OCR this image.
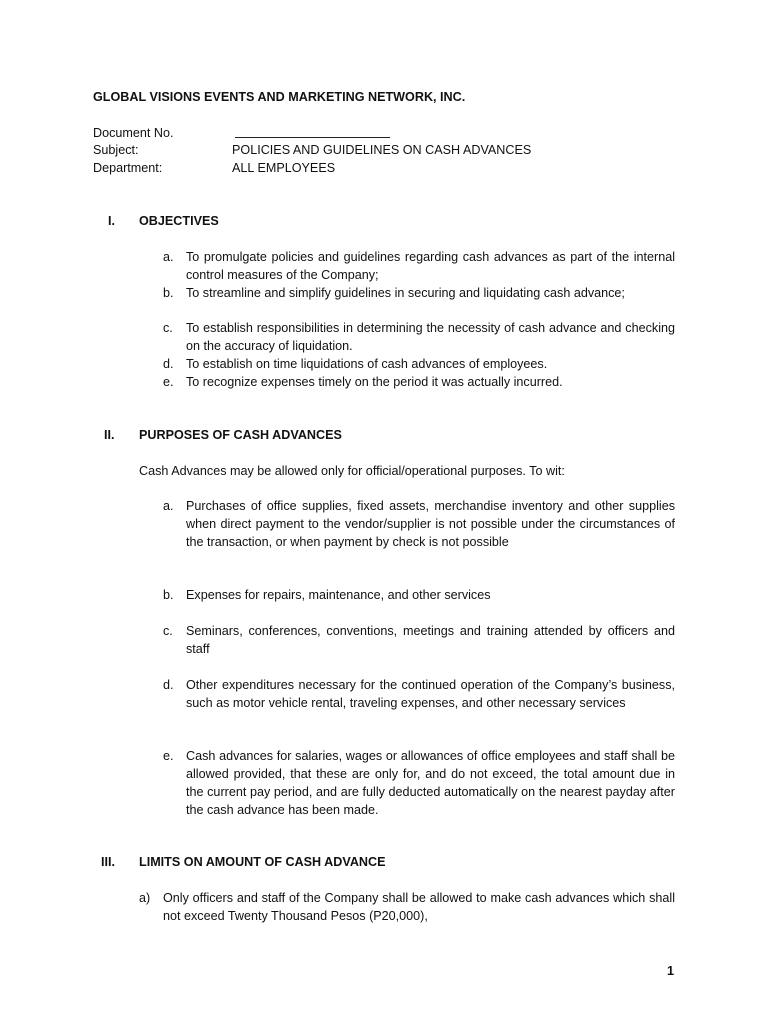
GLOBAL VISIONS EVENTS AND MARKETING NETWORK, INC.
Document No.
Subject:	POLICIES AND GUIDELINES ON CASH ADVANCES
Department:	ALL EMPLOYEES
I. OBJECTIVES
a. To promulgate policies and guidelines regarding cash advances as part of the internal control measures of the Company;
b. To streamline and simplify guidelines in securing and liquidating cash advance;
c. To establish responsibilities in determining the necessity of cash advance and checking on the accuracy of liquidation.
d. To establish on time liquidations of cash advances of employees.
e. To recognize expenses timely on the period it was actually incurred.
II. PURPOSES OF CASH ADVANCES
Cash Advances may be allowed only for official/operational purposes. To wit:
a. Purchases of office supplies, fixed assets, merchandise inventory and other supplies when direct payment to the vendor/supplier is not possible under the circumstances of the transaction, or when payment by check is not possible
b. Expenses for repairs, maintenance, and other services
c. Seminars, conferences, conventions, meetings and training attended by officers and staff
d. Other expenditures necessary for the continued operation of the Company’s business, such as motor vehicle rental, traveling expenses, and other necessary services
e. Cash advances for salaries, wages or allowances of office employees and staff shall be allowed provided, that these are only for, and do not exceed, the total amount due in the current pay period, and are fully deducted automatically on the nearest payday after the cash advance has been made.
III. LIMITS ON AMOUNT OF CASH ADVANCE
a) Only officers and staff of the Company shall be allowed to make cash advances which shall not exceed Twenty Thousand Pesos (P20,000),
1
